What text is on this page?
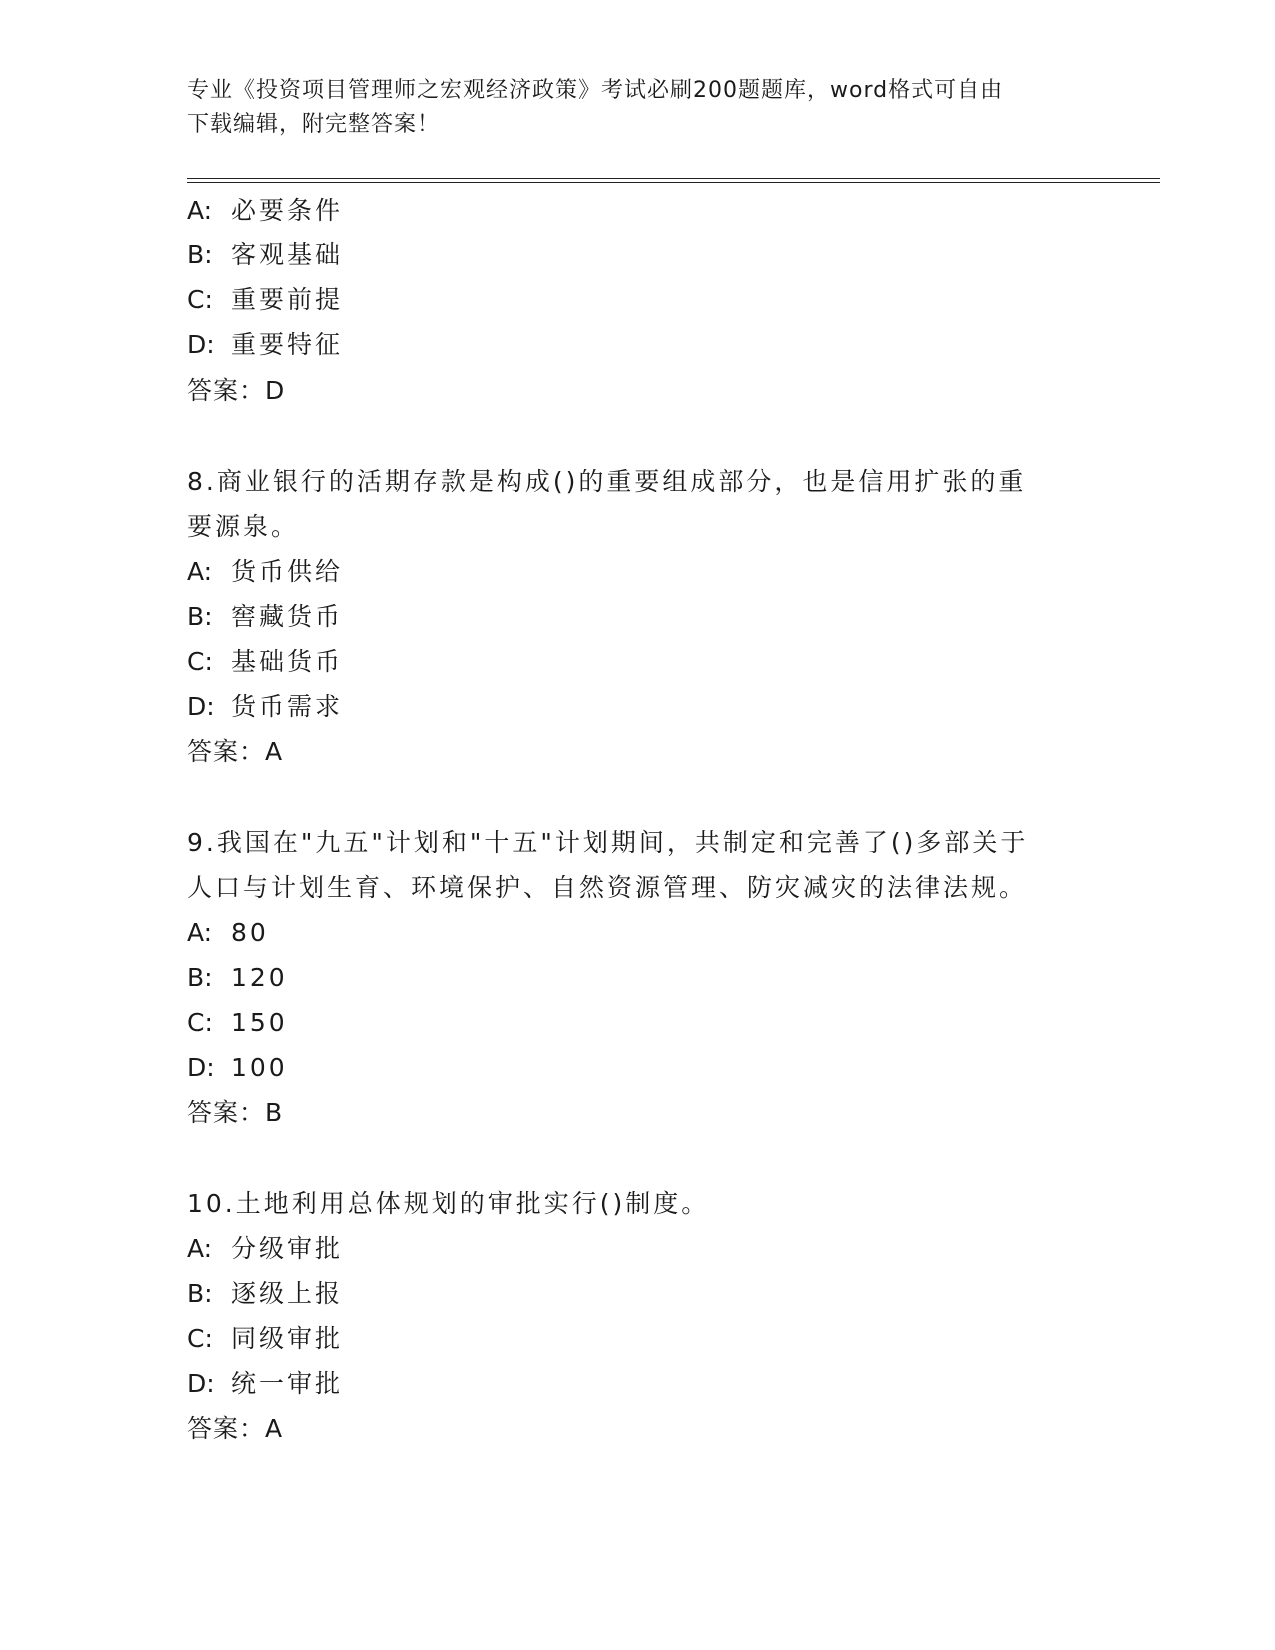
专业《投资项目管理师之宏观经济政策》考试必刷200题题库，word格式可自由
下载编辑，附完整答案！
A: 必要条件
B: 客观基础
C: 重要前提
D: 重要特征
答案：D
8.商业银行的活期存款是构成()的重要组成部分，也是信用扩张的重
要源泉。
A: 货币供给
B: 窖藏货币
C: 基础货币
D: 货币需求
答案：A
9.我国在"九五"计划和"十五"计划期间，共制定和完善了()多部关于
人口与计划生育、环境保护、自然资源管理、防灾减灾的法律法规。
A: 80
B: 120
C: 150
D: 100
答案：B
10.土地利用总体规划的审批实行()制度。
A: 分级审批
B: 逐级上报
C: 同级审批
D: 统一审批
答案：A
